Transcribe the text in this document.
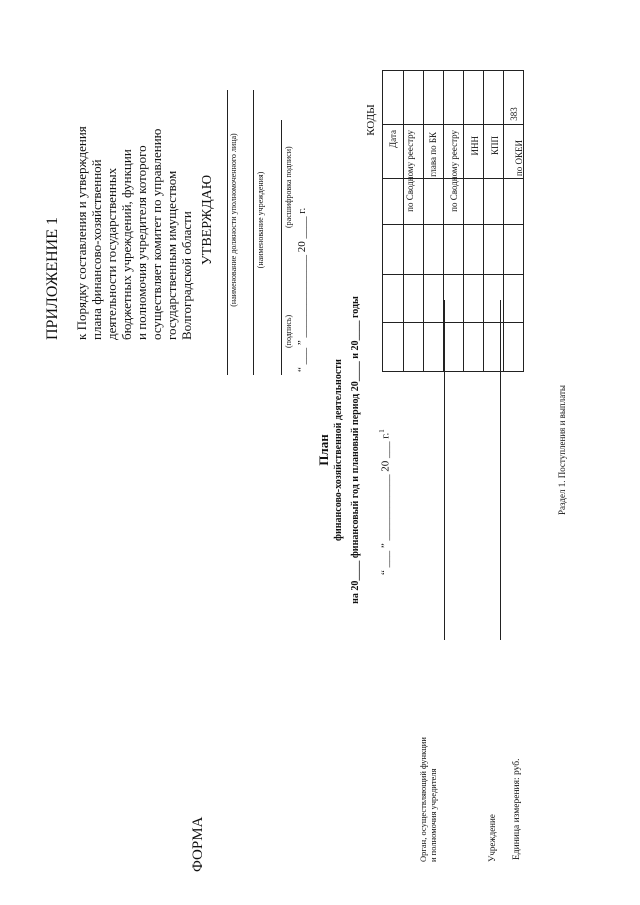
ФОРМА
ПРИЛОЖЕНИЕ 1	к Порядку составления и утверждения плана финансово-хозяйственной деятельности государственных бюджетных учреждений, функции и полномочия учредителя которого осуществляет комитет по управлению государственным имуществом Волгоградской области УТВЕРЖДАЮ (наименование должности уполномоченного лица) (наименование учреждения)
(подпись)
(расшифровка подписи)
“ ___ ” _______________ 20 ____ г.
План финансово-хозяйственной деятельности на 20____ финансовый год и плановый период 20____ и 20____ годы “ ___ ” ____________ 20 ___ г.$^1$
КОДЫ
Дата по Сводному реестру глава по БК по Сводному реестру ИНН КПП по ОКЕИ
383
Орган, осуществляющий функции и полномочия учредителя	Учреждение Единица измерения: руб.
Раздел 1. Поступления и выплаты
